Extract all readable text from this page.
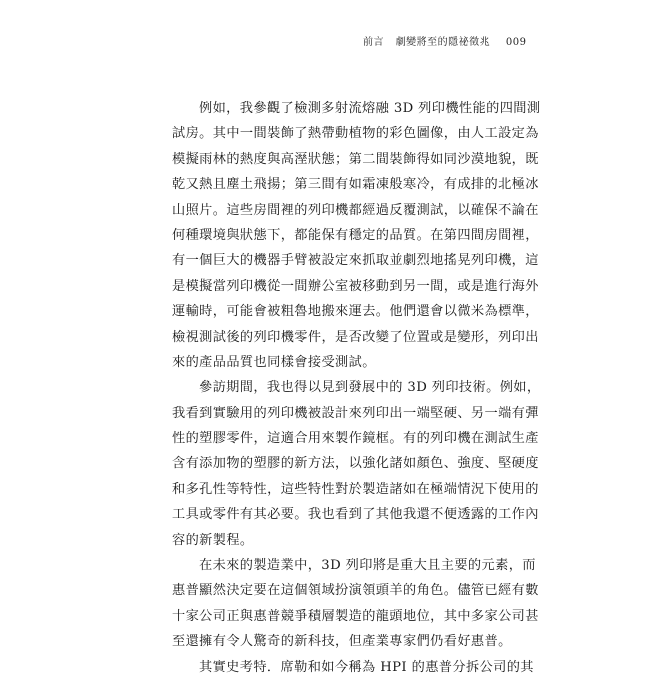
前言 劇變將至的隱祕徵兆 009
例如，我參觀了檢測多射流熔融 3D 列印機性能的四間測
試房。其中一間裝飾了熱帶動植物的彩色圖像，由人工設定為
模擬雨林的熱度與高溼狀態；第二間裝飾得如同沙漠地貌，既
乾又熱且塵土飛揚；第三間有如霜凍般寒冷，有成排的北極冰
山照片。這些房間裡的列印機都經過反覆測試，以確保不論在
何種環境與狀態下，都能保有穩定的品質。在第四間房間裡，
有一個巨大的機器手臂被設定來抓取並劇烈地搖晃列印機，這
是模擬當列印機從一間辦公室被移動到另一間，或是進行海外
運輸時，可能會被粗魯地搬來運去。他們還會以微米為標準，
檢視測試後的列印機零件，是否改變了位置或是變形，列印出
來的產品品質也同樣會接受測試。
參訪期間，我也得以見到發展中的 3D 列印技術。例如，
我看到實驗用的列印機被設計來列印出一端堅硬、另一端有彈
性的塑膠零件，這適合用來製作鏡框。有的列印機在測試生產
含有添加物的塑膠的新方法，以強化諸如顏色、強度、堅硬度
和多孔性等特性，這些特性對於製造諸如在極端情況下使用的
工具或零件有其必要。我也看到了其他我還不便透露的工作內
容的新製程。
在未來的製造業中，3D 列印將是重大且主要的元素，而
惠普顯然決定要在這個領域扮演領頭羊的角色。儘管已經有數
十家公司正與惠普競爭積層製造的龍頭地位，其中多家公司甚
至還擁有令人驚奇的新科技，但產業專家們仍看好惠普。
其實史考特．席勒和如今稱為 HPI 的惠普分拆公司的其
